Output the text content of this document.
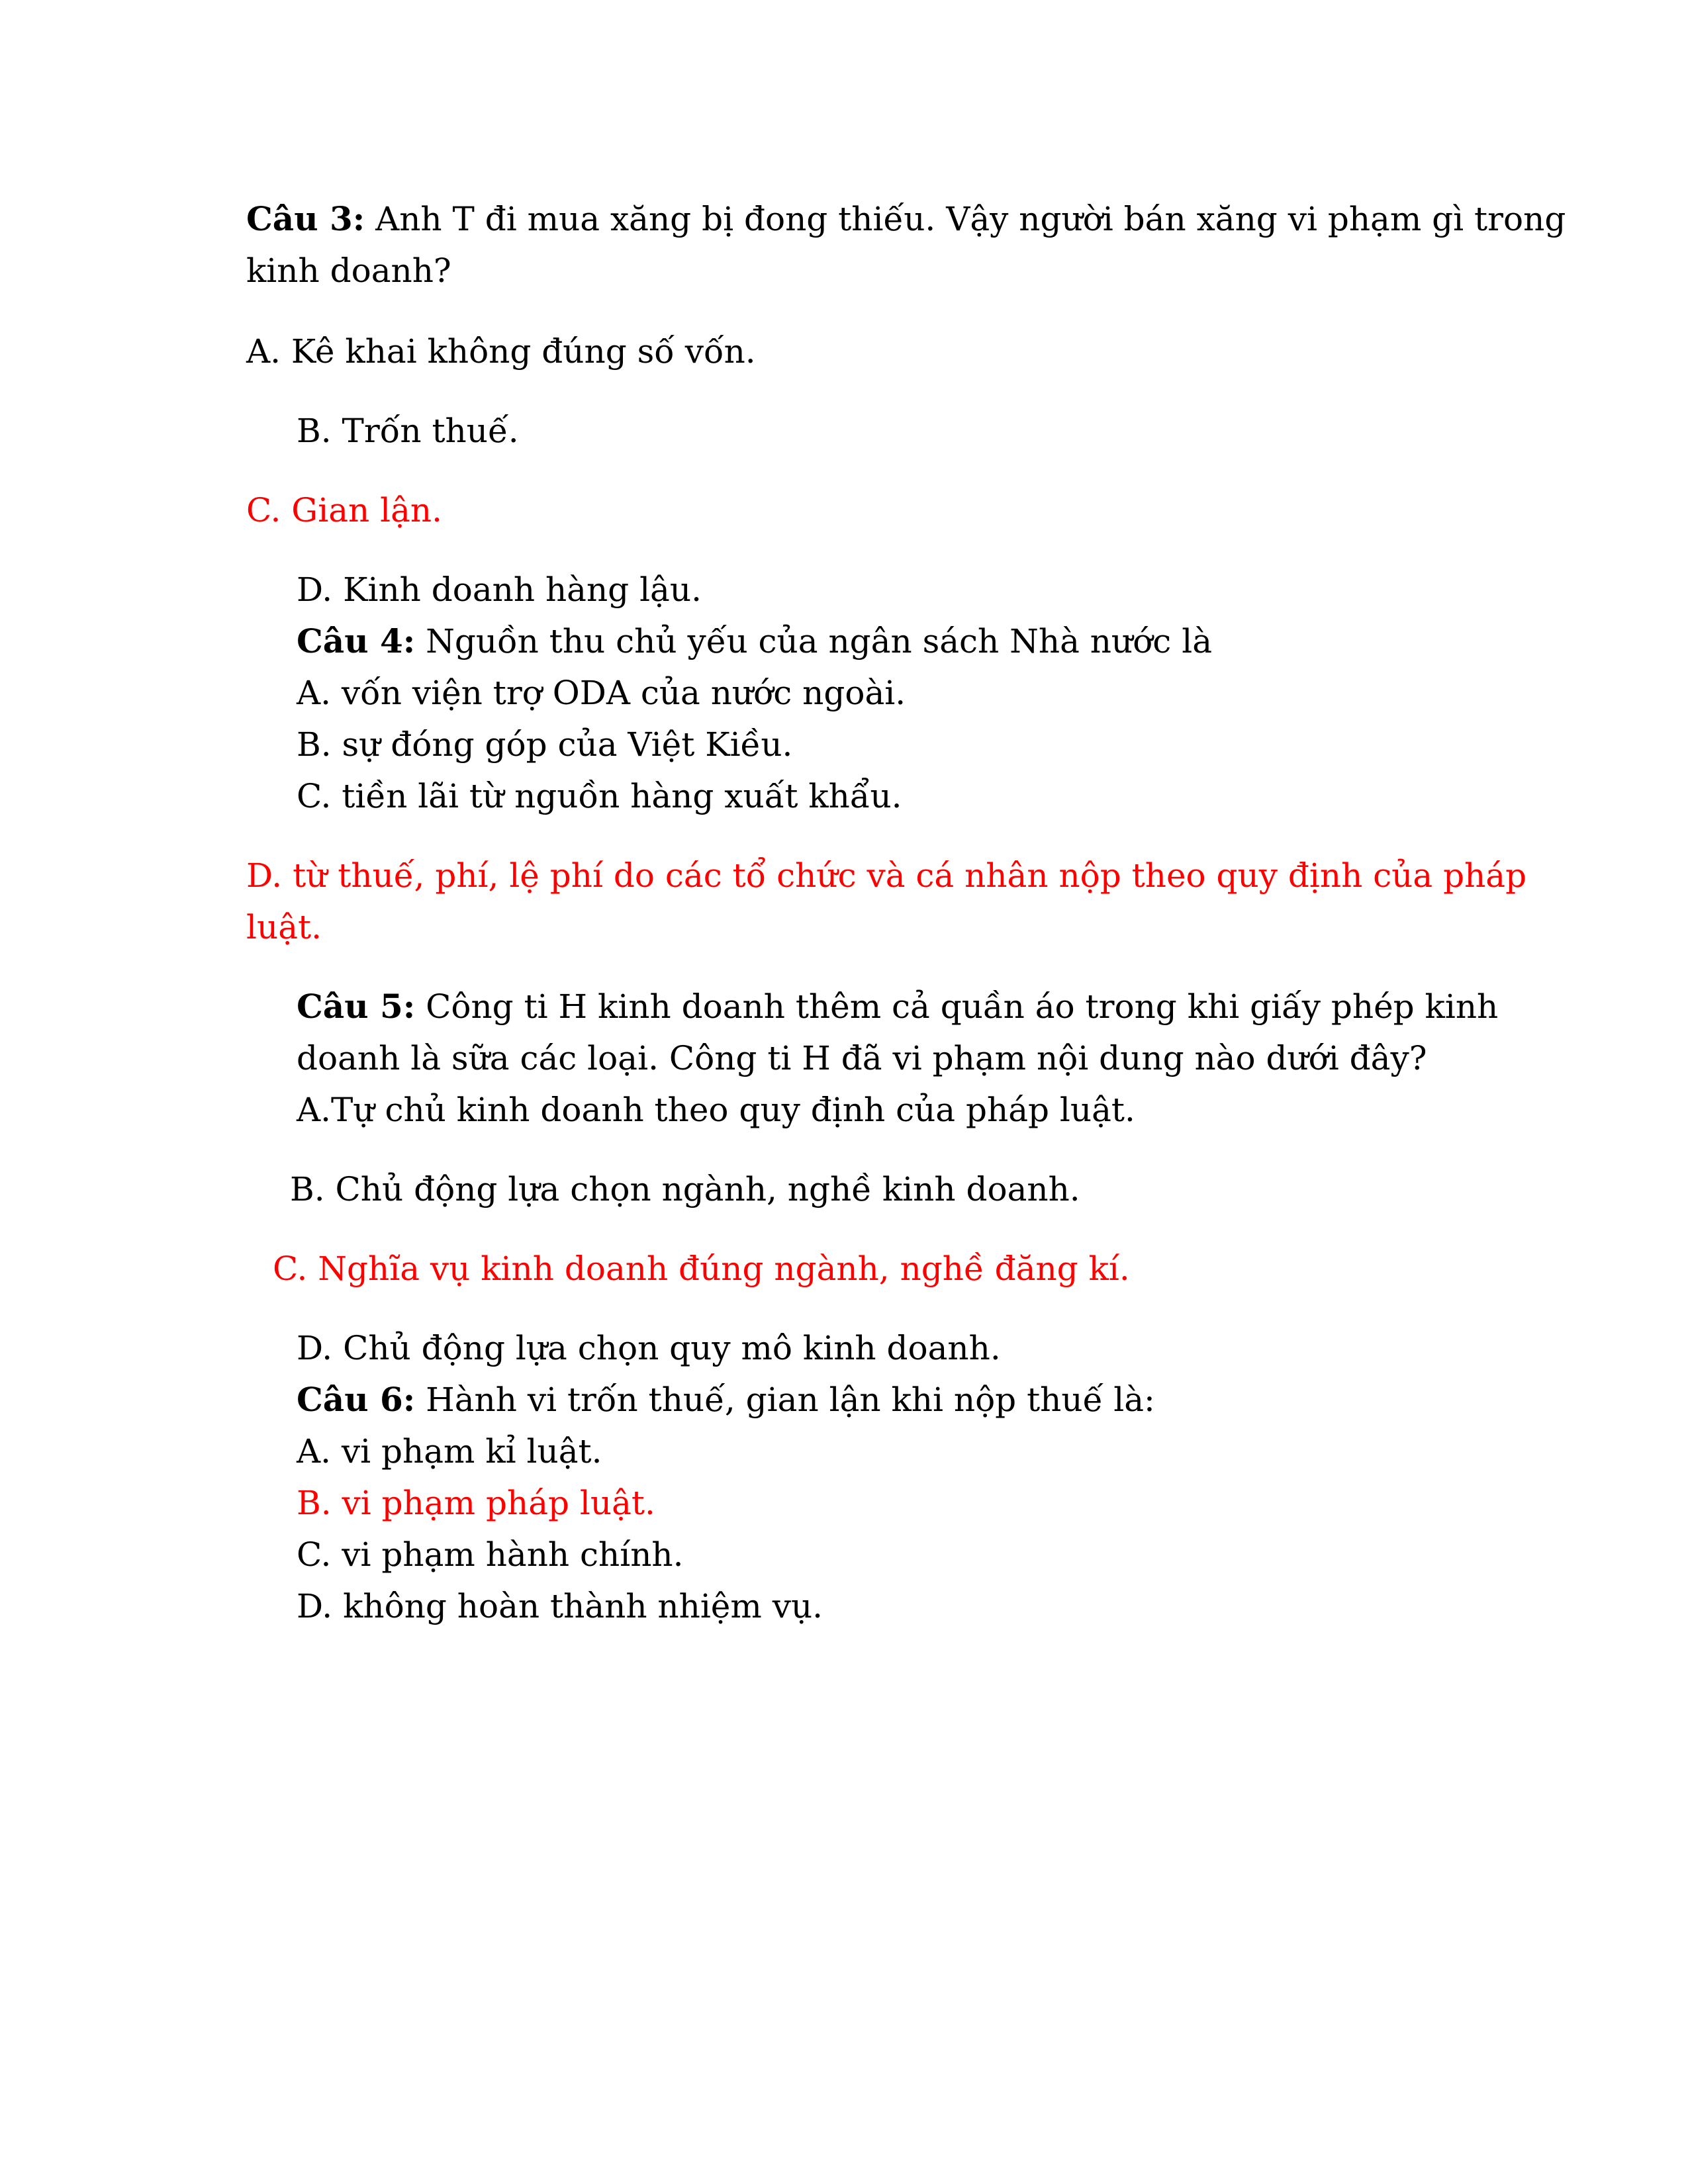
Câu 3: Anh T đi mua xăng bị đong thiếu. Vậy người bán xăng vi phạm gì trong kinh doanh?
A. Kê khai không đúng số vốn.
B. Trốn thuế.
C. Gian lận.
D. Kinh doanh hàng lậu.
Câu 4: Nguồn thu chủ yếu của ngân sách Nhà nước là
A. vốn viện trợ ODA của nước ngoài.
B. sự đóng góp của Việt Kiều.
C. tiền lãi từ nguồn hàng xuất khẩu.
D. từ thuế, phí, lệ phí do các tổ chức và cá nhân nộp theo quy định của pháp luật.
Câu 5: Công ti H kinh doanh thêm cả quần áo trong khi giấy phép kinh doanh là sữa các loại. Công ti H đã vi phạm nội dung nào dưới đây?
A.Tự chủ kinh doanh theo quy định của pháp luật.
B. Chủ động lựa chọn ngành, nghề kinh doanh.
C. Nghĩa vụ kinh doanh đúng ngành, nghề đăng kí.
D. Chủ động lựa chọn quy mô kinh doanh.
Câu 6: Hành vi trốn thuế, gian lận khi nộp thuế là:
A. vi phạm kỉ luật.
B. vi phạm pháp luật.
C. vi phạm hành chính.
D. không hoàn thành nhiệm vụ.
